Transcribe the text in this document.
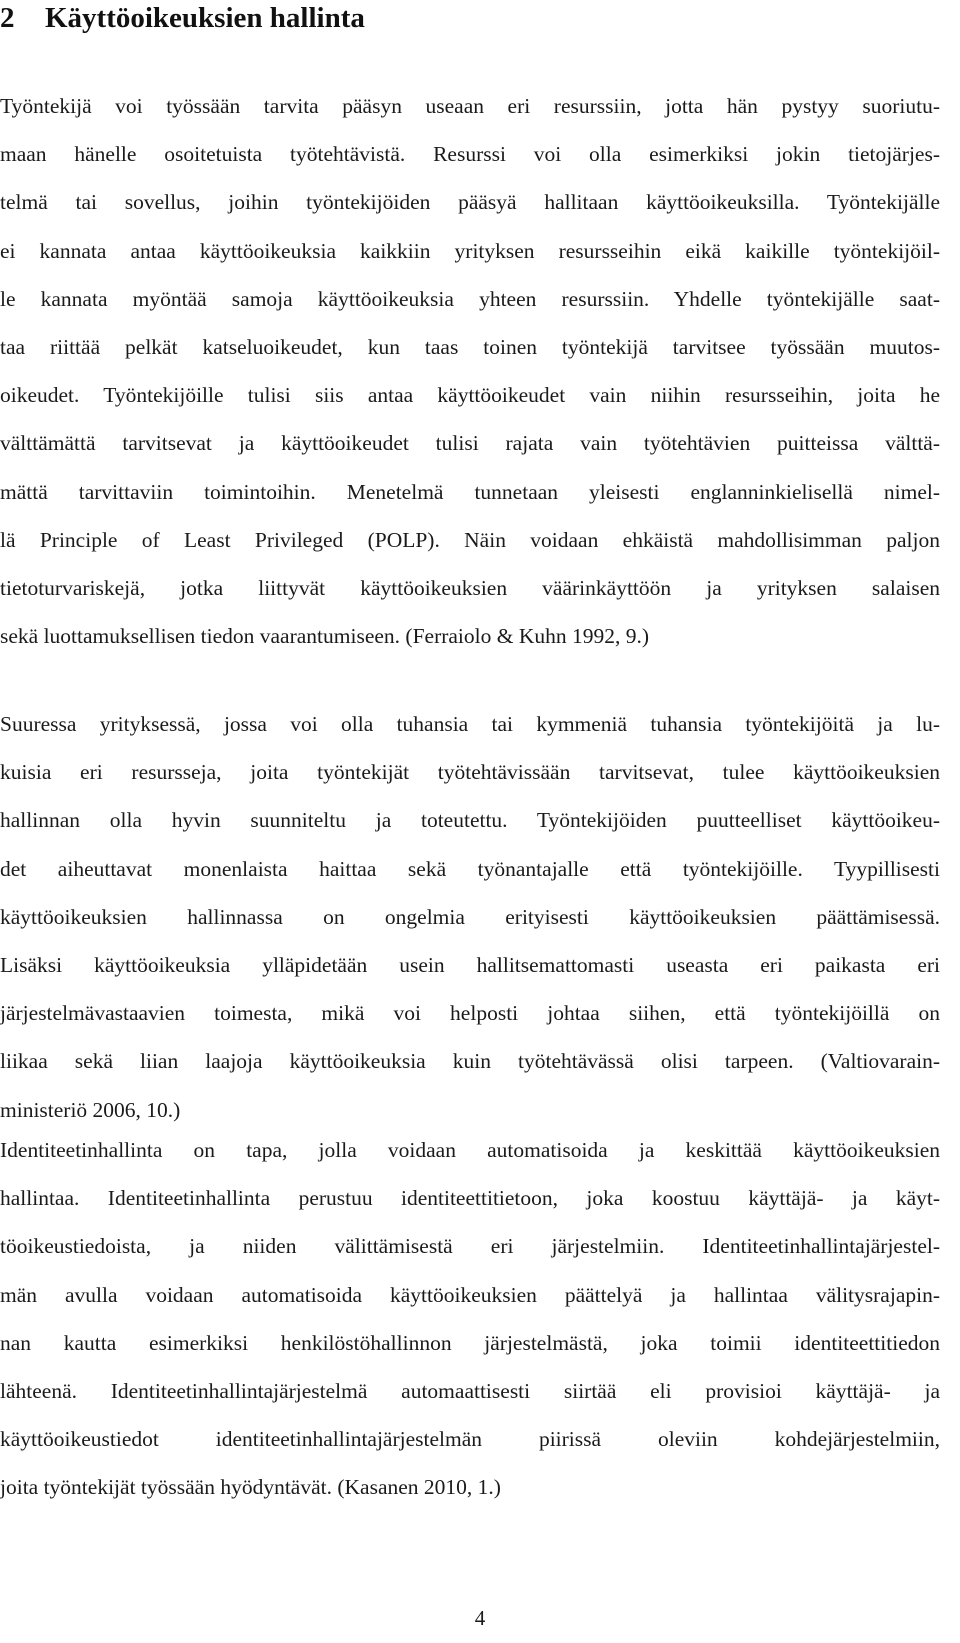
2 Käyttöoikeuksien hallinta
Työntekijä voi työssään tarvita pääsyn useaan eri resurssiin, jotta hän pystyy suoriutu-
maan hänelle osoitetuista työtehtävistä. Resurssi voi olla esimerkiksi jokin tietojärjes-
telmä tai sovellus, joihin työntekijöiden pääsyä hallitaan käyttöoikeuksilla. Työntekijälle
ei kannata antaa käyttöoikeuksia kaikkiin yrityksen resursseihin eikä kaikille työntekijöil-
le kannata myöntää samoja käyttöoikeuksia yhteen resurssiin. Yhdelle työntekijälle saat-
taa riittää pelkät katseluoikeudet, kun taas toinen työntekijä tarvitsee työssään muutos-
oikeudet. Työntekijöille tulisi siis antaa käyttöoikeudet vain niihin resursseihin, joita he
välttämättä tarvitsevat ja käyttöoikeudet tulisi rajata vain työtehtävien puitteissa välttä-
mättä tarvittaviin toimintoihin. Menetelmä tunnetaan yleisesti englanninkielisellä nimel-
lä Principle of Least Privileged (POLP). Näin voidaan ehkäistä mahdollisimman paljon
tietoturvariskejä, jotka liittyvät käyttöoikeuksien väärinkäyttöön ja yrityksen salaisen
sekä luottamuksellisen tiedon vaarantumiseen. (Ferraiolo & Kuhn 1992, 9.)
Suuressa yrityksessä, jossa voi olla tuhansia tai kymmeniä tuhansia työntekijöitä ja lu-
kuisia eri resursseja, joita työntekijät työtehtävissään tarvitsevat, tulee käyttöoikeuksien
hallinnan olla hyvin suunniteltu ja toteutettu. Työntekijöiden puutteelliset käyttöoikeu-
det aiheuttavat monenlaista haittaa sekä työnantajalle että työntekijöille. Tyypillisesti
käyttöoikeuksien hallinnassa on ongelmia erityisesti käyttöoikeuksien päättämisessä.
Lisäksi käyttöoikeuksia ylläpidetään usein hallitsemattomasti useasta eri paikasta eri
järjestelmävastaavien toimesta, mikä voi helposti johtaa siihen, että työntekijöillä on
liikaa sekä liian laajoja käyttöoikeuksia kuin työtehtävässä olisi tarpeen. (Valtiovarain-
ministeriö 2006, 10.)
Identiteetinhallinta on tapa, jolla voidaan automatisoida ja keskittää käyttöoikeuksien
hallintaa. Identiteetinhallinta perustuu identiteettitietoon, joka koostuu käyttäjä- ja käyt-
töoikeustiedoista, ja niiden välittämisestä eri järjestelmiin. Identiteetinhallintajärjestel-
män avulla voidaan automatisoida käyttöoikeuksien päättelyä ja hallintaa välitysrajapin-
nan kautta esimerkiksi henkilöstöhallinnon järjestelmästä, joka toimii identiteettitiedon
lähteenä. Identiteetinhallintajärjestelmä automaattisesti siirtää eli provisioi käyttäjä- ja
käyttöoikeustiedot identiteetinhallintajärjestelmän piirissä oleviin kohdejärjestelmiin,
joita työntekijät työssään hyödyntävät. (Kasanen 2010, 1.)
4
